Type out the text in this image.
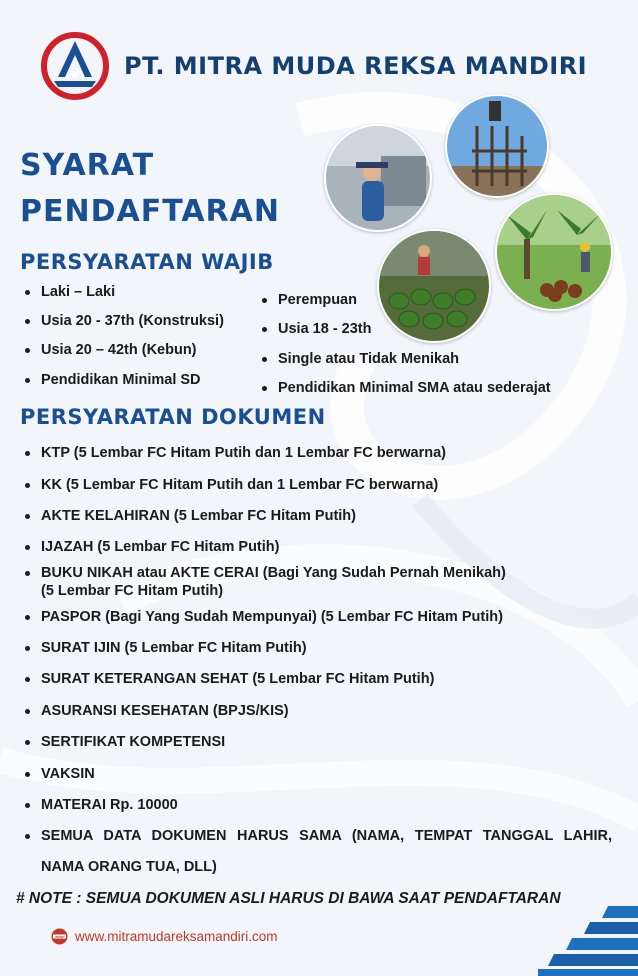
PT. MITRA MUDA REKSA MANDIRI
SYARAT
PENDAFTARAN
PERSYARATAN WAJIB
Laki – Laki
Usia 20 - 37th (Konstruksi)
Usia 20 – 42th (Kebun)
Pendidikan Minimal SD
Perempuan
Usia 18 - 23th
Single atau Tidak Menikah
Pendidikan Minimal SMA atau sederajat
PERSYARATAN DOKUMEN
KTP (5 Lembar FC Hitam Putih dan 1 Lembar FC berwarna)
KK (5 Lembar FC Hitam Putih dan 1 Lembar FC berwarna)
AKTE KELAHIRAN (5 Lembar FC Hitam Putih)
IJAZAH (5 Lembar FC Hitam Putih)
BUKU NIKAH atau AKTE CERAI (Bagi Yang Sudah Pernah Menikah)
(5 Lembar FC Hitam Putih)
PASPOR (Bagi Yang Sudah Mempunyai) (5 Lembar FC Hitam Putih)
SURAT IJIN (5 Lembar FC Hitam Putih)
SURAT KETERANGAN SEHAT (5 Lembar FC Hitam Putih)
ASURANSI KESEHATAN (BPJS/KIS)
SERTIFIKAT KOMPETENSI
VAKSIN
MATERAI Rp. 10000
SEMUA DATA DOKUMEN HARUS SAMA (NAMA, TEMPAT TANGGAL LAHIR,
NAMA ORANG TUA, DLL)
# NOTE : SEMUA DOKUMEN ASLI HARUS DI BAWA SAAT PENDAFTARAN
www www.mitramudareksamandiri.com
